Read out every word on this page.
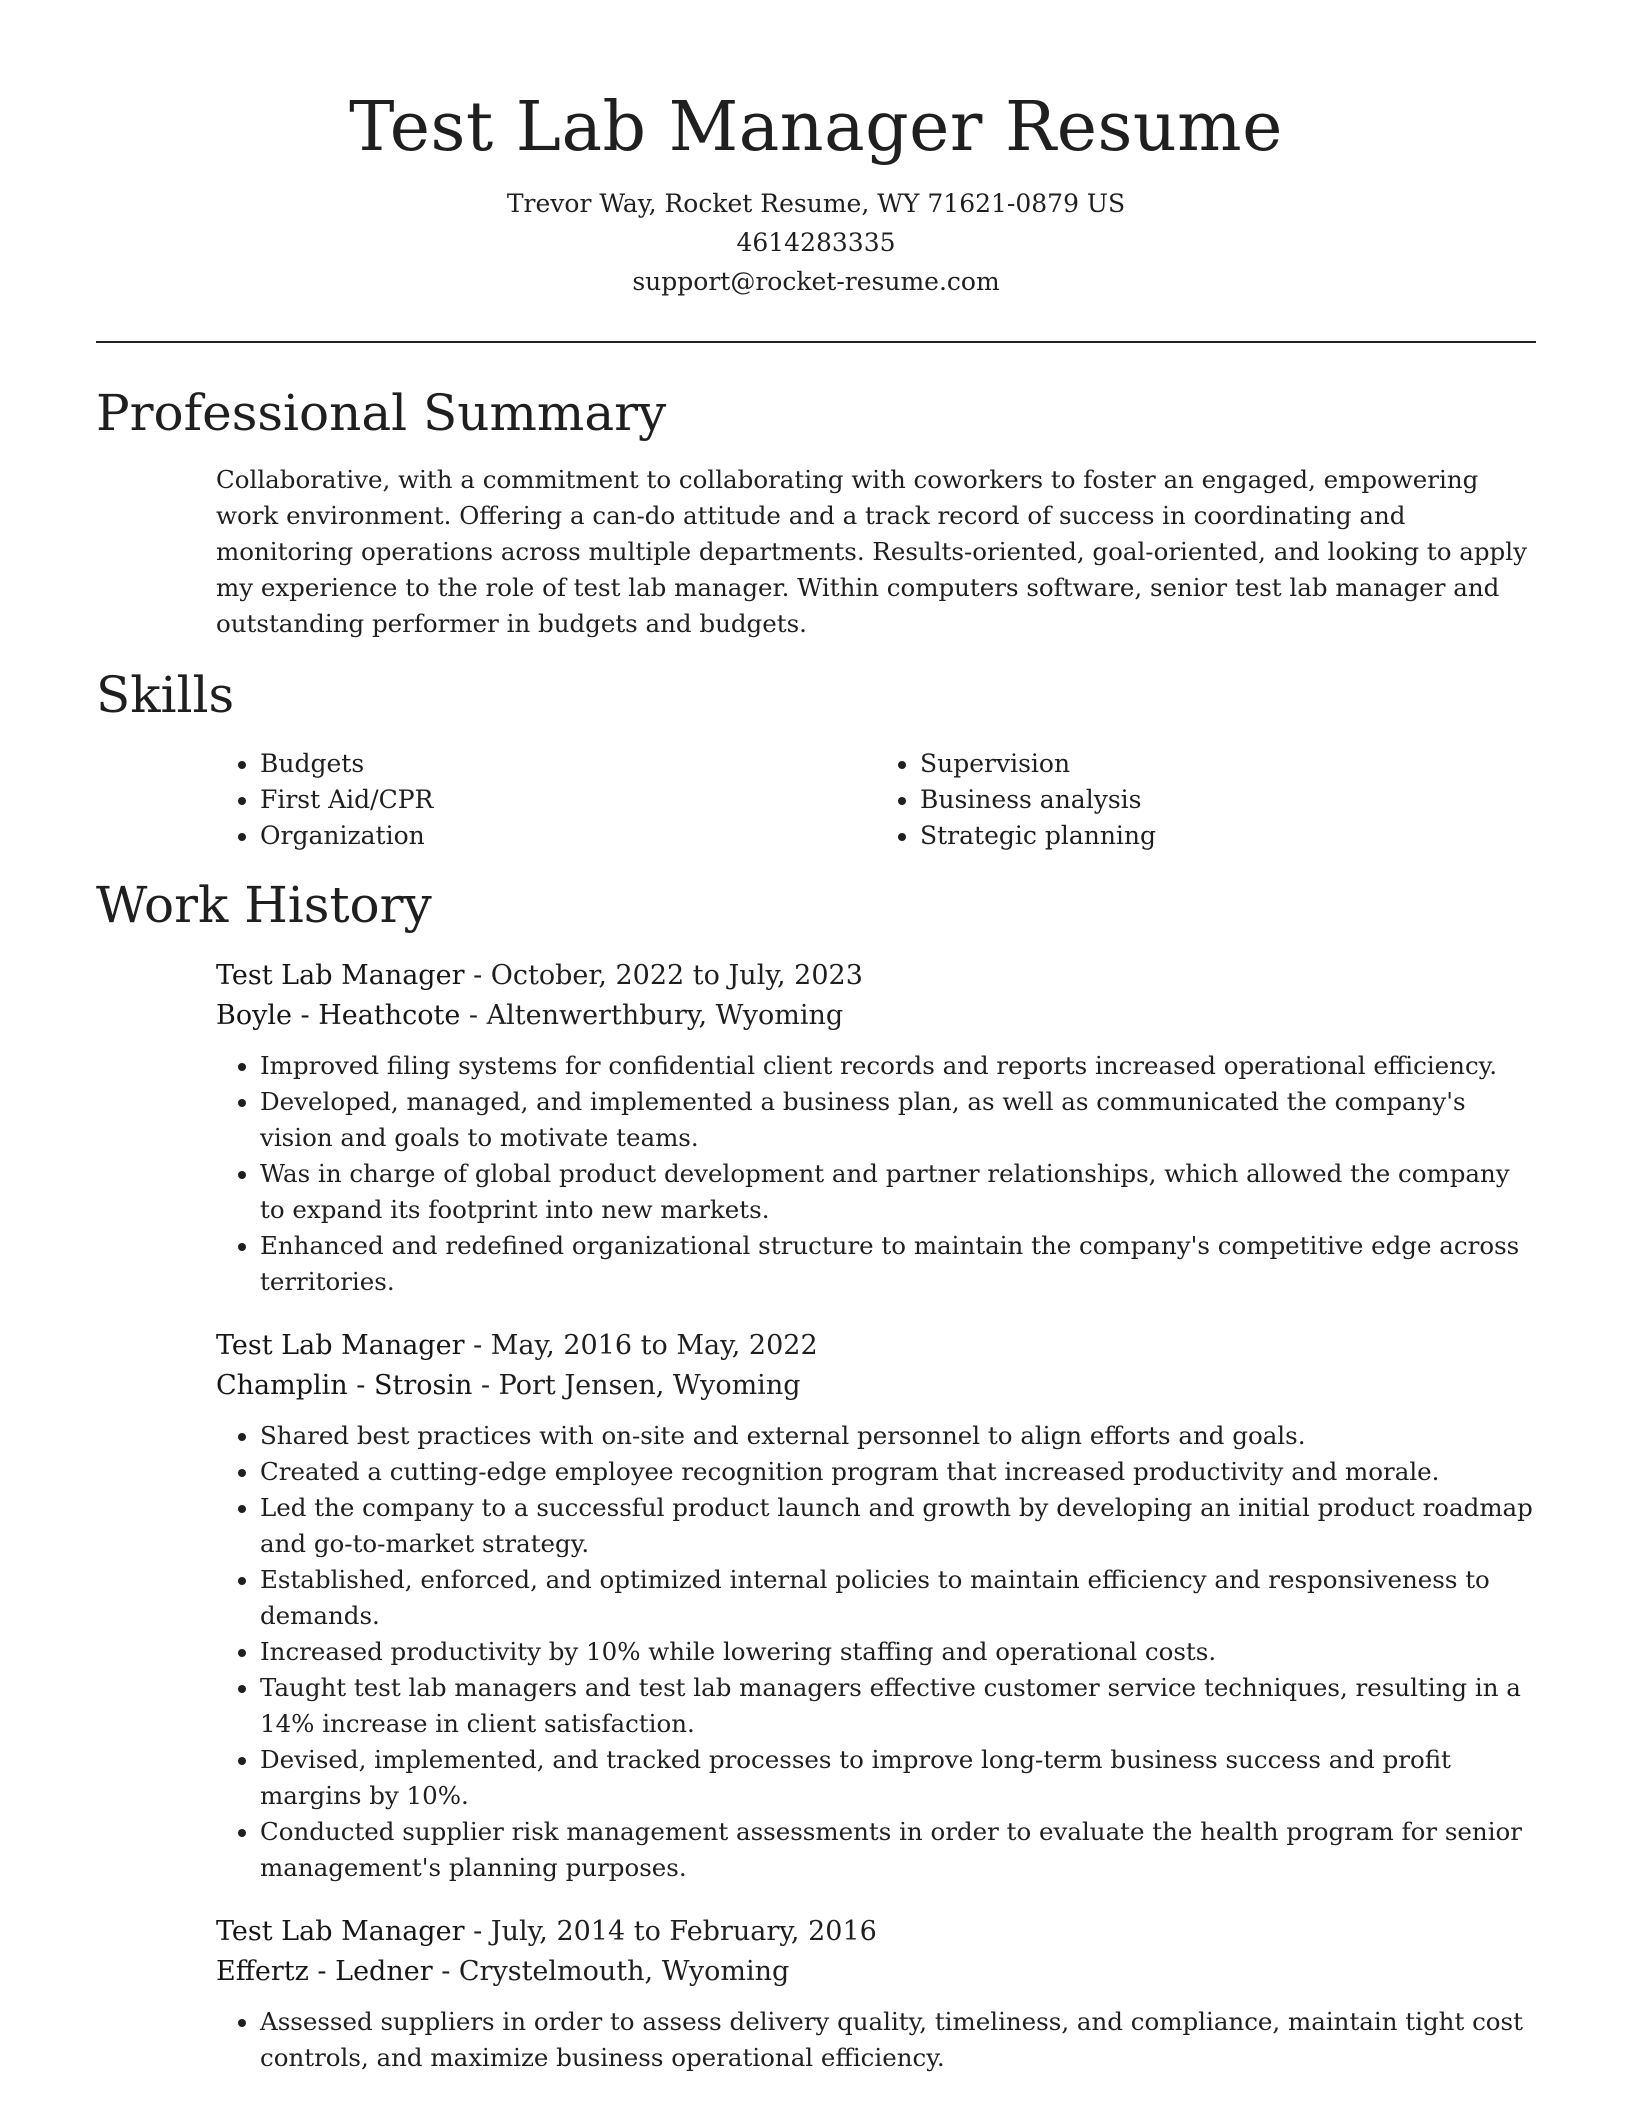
Test Lab Manager Resume
Trevor Way, Rocket Resume, WY 71621-0879 US
4614283335
support@rocket-resume.com
Professional Summary

Collaborative, with a commitment to collaborating with coworkers to foster an engaged, empowering work environment. Offering a can-do attitude and a track record of success in coordinating and monitoring operations across multiple departments. Results-oriented, goal-oriented, and looking to apply my experience to the role of test lab manager. Within computers software, senior test lab manager and outstanding performer in budgets and budgets.

Skills
• Budgets
• First Aid/CPR
• Organization
• Supervision
• Business analysis
• Strategic planning
Work History
Test Lab Manager - October, 2022 to July, 2023
Boyle - Heathcote - Altenwerthbury, Wyoming
• Improved filing systems for confidential client records and reports increased operational efficiency.
• Developed, managed, and implemented a business plan, as well as communicated the company's vision and goals to motivate teams.
• Was in charge of global product development and partner relationships, which allowed the company to expand its footprint into new markets.
• Enhanced and redefined organizational structure to maintain the company's competitive edge across territories.
Test Lab Manager - May, 2016 to May, 2022
Champlin - Strosin - Port Jensen, Wyoming
• Shared best practices with on-site and external personnel to align efforts and goals.
• Created a cutting-edge employee recognition program that increased productivity and morale.
• Led the company to a successful product launch and growth by developing an initial product roadmap and go-to-market strategy.
• Established, enforced, and optimized internal policies to maintain efficiency and responsiveness to demands.
• Increased productivity by 10% while lowering staffing and operational costs.
• Taught test lab managers and test lab managers effective customer service techniques, resulting in a 14% increase in client satisfaction.
• Devised, implemented, and tracked processes to improve long-term business success and profit margins by 10%.
• Conducted supplier risk management assessments in order to evaluate the health program for senior management's planning purposes.
Test Lab Manager - July, 2014 to February, 2016
Effertz - Ledner - Crystelmouth, Wyoming
• Assessed suppliers in order to assess delivery quality, timeliness, and compliance, maintain tight cost controls, and maximize business operational efficiency.
